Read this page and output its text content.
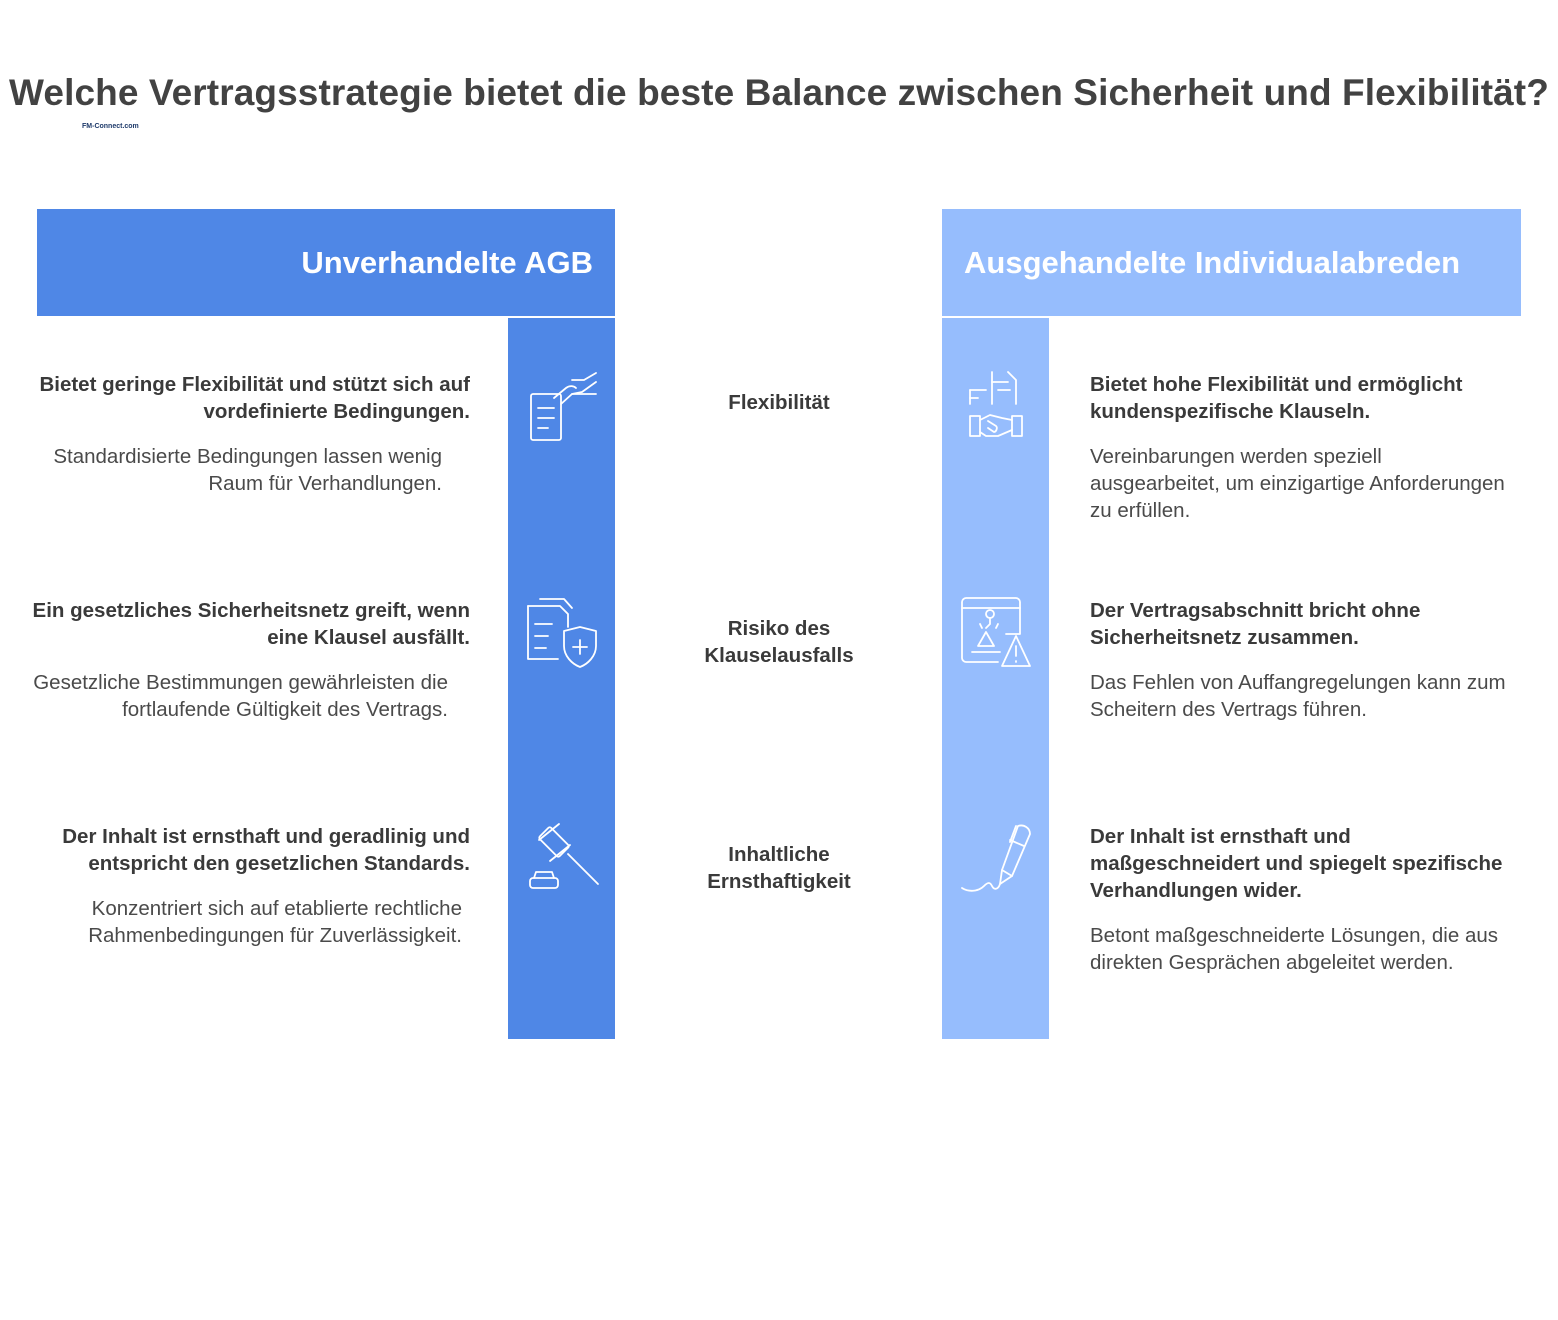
Welche Vertragsstrategie bietet die beste Balance zwischen Sicherheit und Flexibilität?
FM-Connect.com
Unverhandelte AGB	Ausgehandelte Individualabreden
Bietet geringe Flexibilität und stützt sich auf vordefinierte Bedingungen.
Standardisierte Bedingungen lassen wenig Raum für Verhandlungen.
Flexibilität
Bietet hohe Flexibilität und ermöglicht kundenspezifische Klauseln.
Vereinbarungen werden speziell ausgearbeitet, um einzigartige Anforderungen zu erfüllen.
Ein gesetzliches Sicherheitsnetz greift, wenn eine Klausel ausfällt.
Gesetzliche Bestimmungen gewährleisten die fortlaufende Gültigkeit des Vertrags.
Risiko des Klauselausfalls
Der Vertragsabschnitt bricht ohne Sicherheitsnetz zusammen.
Das Fehlen von Auffangregelungen kann zum Scheitern des Vertrags führen.
Der Inhalt ist ernsthaft und geradlinig und entspricht den gesetzlichen Standards.
Konzentriert sich auf etablierte rechtliche Rahmenbedingungen für Zuverlässigkeit.
Inhaltliche Ernsthaftigkeit
Der Inhalt ist ernsthaft und maßgeschneidert und spiegelt spezifische Verhandlungen wider.
Betont maßgeschneiderte Lösungen, die aus direkten Gesprächen abgeleitet werden.
